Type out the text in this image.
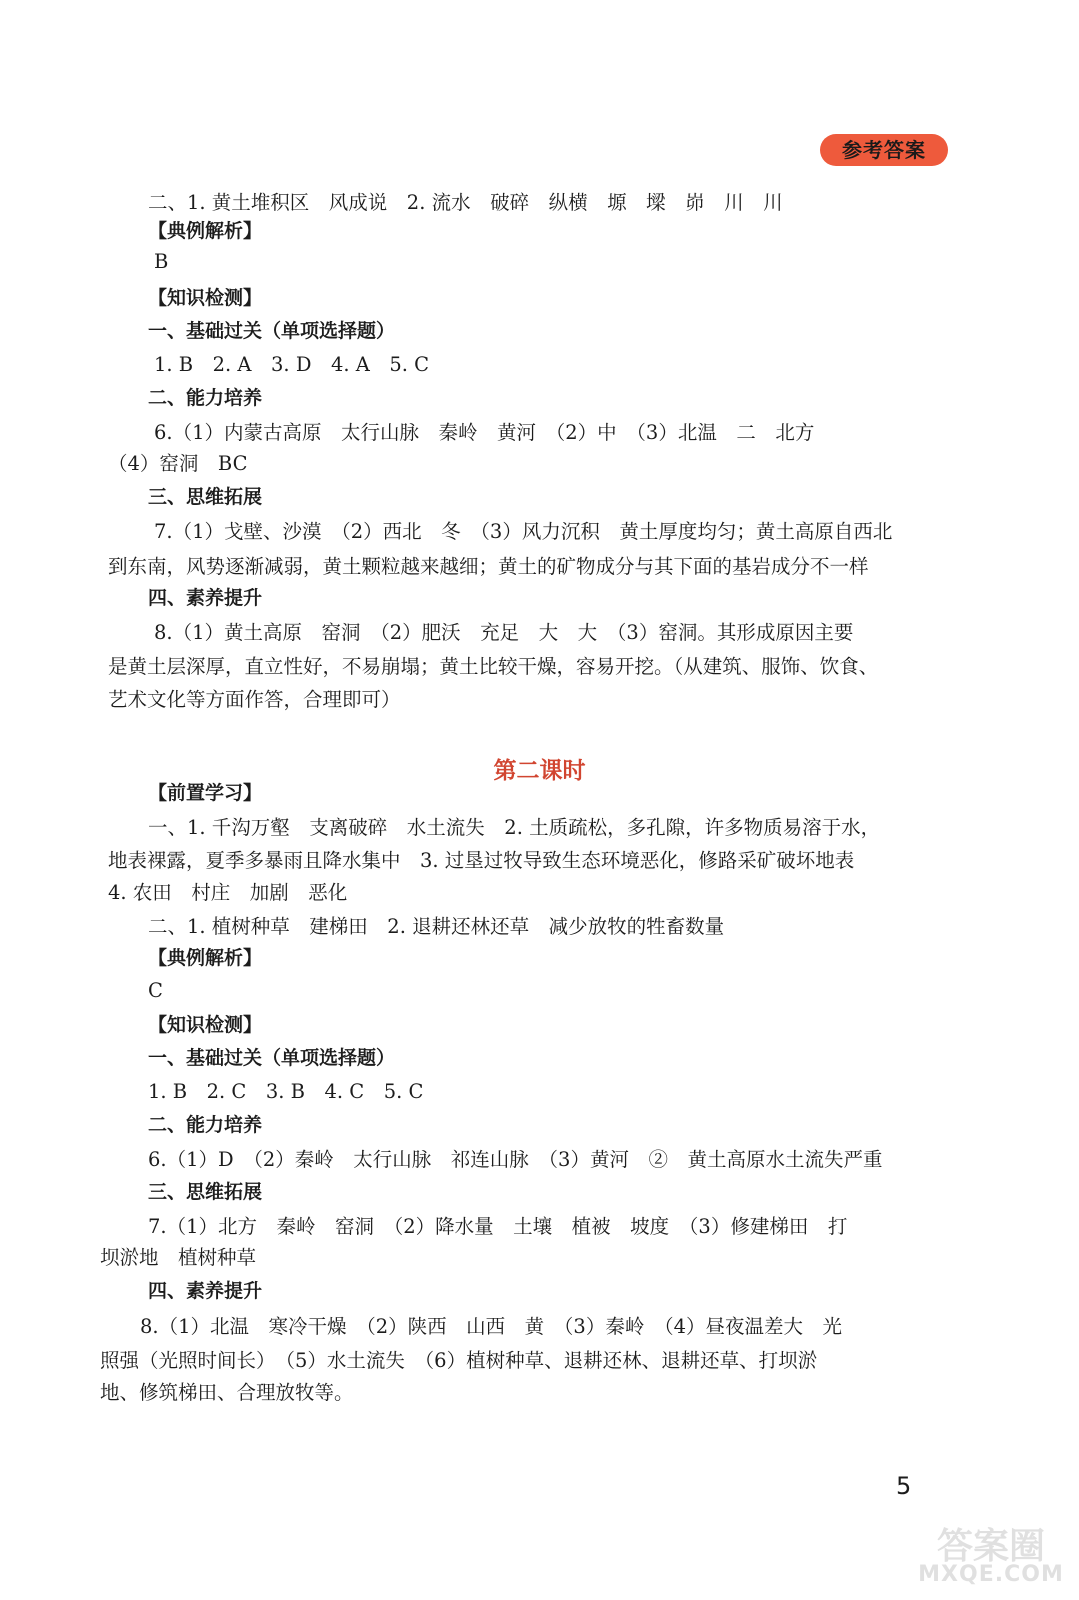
参考答案
二、1. 黄土堆积区　风成说　2. 流水　破碎　纵横　塬　墚　峁　川　川
【典例解析】
B
【知识检测】
一、基础过关（单项选择题）
1. B　2. A　3. D　4. A　5. C
二、能力培养
6.（1）内蒙古高原　太行山脉　秦岭　黄河　（2）中　（3）北温　二　北方
（4）窑洞　BC
三、思维拓展
7.（1）戈壁、沙漠　（2）西北　冬　（3）风力沉积　黄土厚度均匀；黄土高原自西北
到东南，风势逐渐减弱，黄土颗粒越来越细；黄土的矿物成分与其下面的基岩成分不一样
四、素养提升
8.（1）黄土高原　窑洞　（2）肥沃　充足　大　大　（3）窑洞。其形成原因主要
是黄土层深厚，直立性好，不易崩塌；黄土比较干燥，容易开挖。（从建筑、服饰、饮食、
艺术文化等方面作答，合理即可）
第二课时
【前置学习】
一、1. 千沟万壑　支离破碎　水土流失　2. 土质疏松，多孔隙，许多物质易溶于水，
地表裸露，夏季多暴雨且降水集中　3. 过垦过牧导致生态环境恶化，修路采矿破坏地表
4. 农田　村庄　加剧　恶化
二、1. 植树种草　建梯田　2. 退耕还林还草　减少放牧的牲畜数量
【典例解析】
C
【知识检测】
一、基础过关（单项选择题）
1. B　2. C　3. B　4. C　5. C
二、能力培养
6.（1）D　（2）秦岭　太行山脉　祁连山脉　（3）黄河　②　黄土高原水土流失严重
三、思维拓展
7.（1）北方　秦岭　窑洞　（2）降水量　土壤　植被　坡度　（3）修建梯田　打
坝淤地　植树种草
四、素养提升
8.（1）北温　寒冷干燥　（2）陕西　山西　黄　（3）秦岭　（4）昼夜温差大　光
照强（光照时间长）　（5）水土流失　（6）植树种草、退耕还林、退耕还草、打坝淤
地、修筑梯田、合理放牧等。
5
答案圈
MXQE.COM
